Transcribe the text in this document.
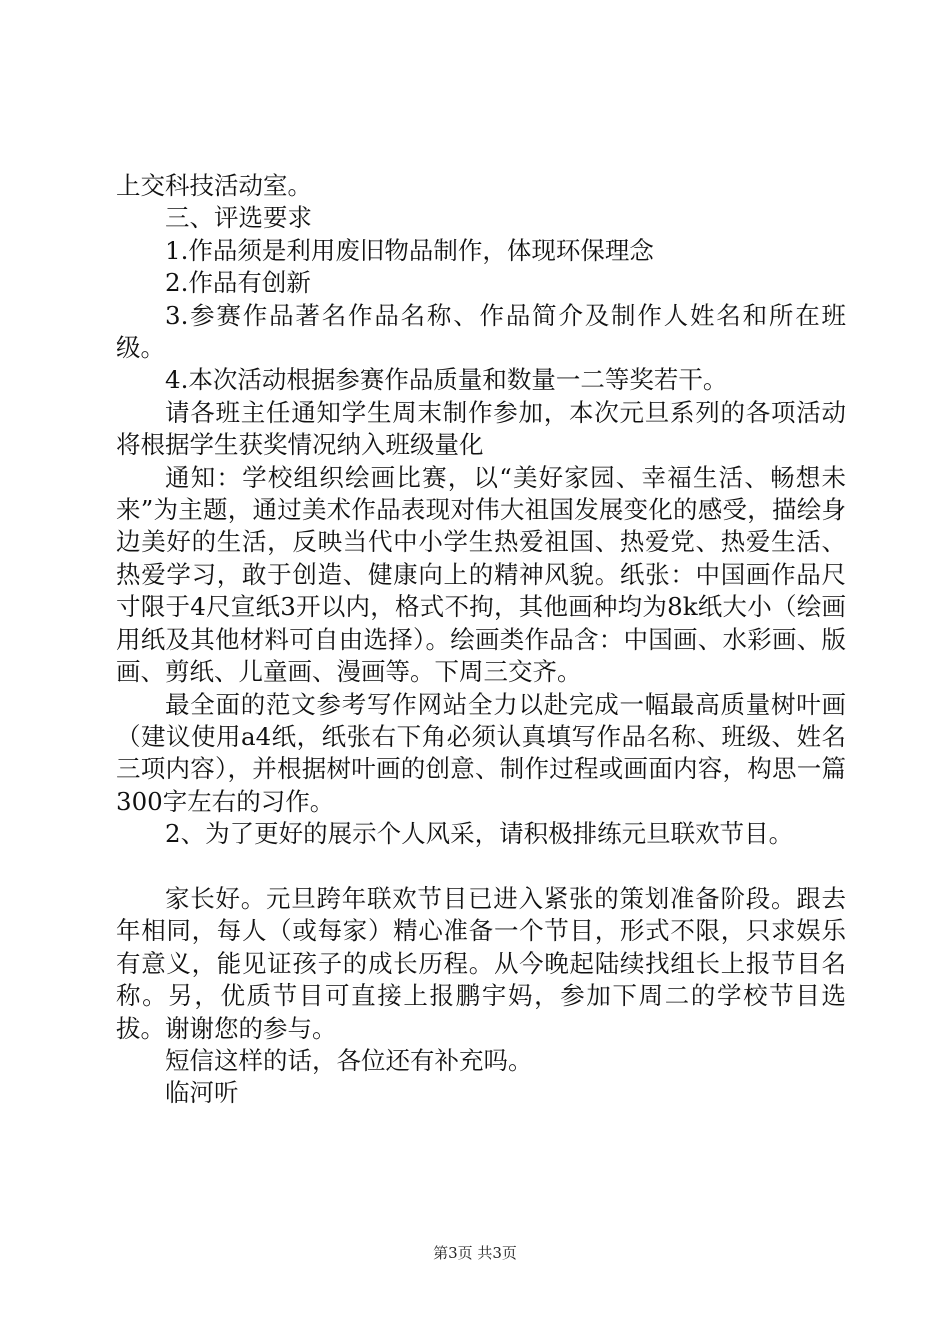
上交科技活动室。

三、评选要求

1.作品须是利用废旧物品制作，体现环保理念

2.作品有创新

3.参赛作品著名作品名称、作品简介及制作人姓名和所在班级。

4.本次活动根据参赛作品质量和数量一二等奖若干。

请各班主任通知学生周末制作参加，本次元旦系列的各项活动将根据学生获奖情况纳入班级量化

通知：学校组织绘画比赛，以“美好家园、幸福生活、畅想未来”为主题，通过美术作品表现对伟大祖国发展变化的感受，描绘身边美好的生活，反映当代中小学生热爱祖国、热爱党、热爱生活、热爱学习，敢于创造、健康向上的精神风貌。纸张：中国画作品尺寸限于4尺宣纸3开以内，格式不拘，其他画种均为8k纸大小（绘画用纸及其他材料可自由选择）。绘画类作品含：中国画、水彩画、版画、剪纸、儿童画、漫画等。下周三交齐。

最全面的范文参考写作网站全力以赴完成一幅最高质量树叶画（建议使用a4纸，纸张右下角必须认真填写作品名称、班级、姓名三项内容），并根据树叶画的创意、制作过程或画面内容，构思一篇300字左右的习作。

2、为了更好的展示个人风采，请积极排练元旦联欢节目。

家长好。元旦跨年联欢节目已进入紧张的策划准备阶段。跟去年相同，每人（或每家）精心准备一个节目，形式不限，只求娱乐有意义，能见证孩子的成长历程。从今晚起陆续找组长上报节目名称。另，优质节目可直接上报鹏宇妈，参加下周二的学校节目选拔。谢谢您的参与。

短信这样的话，各位还有补充吗。

临河听

第3页 共3页
